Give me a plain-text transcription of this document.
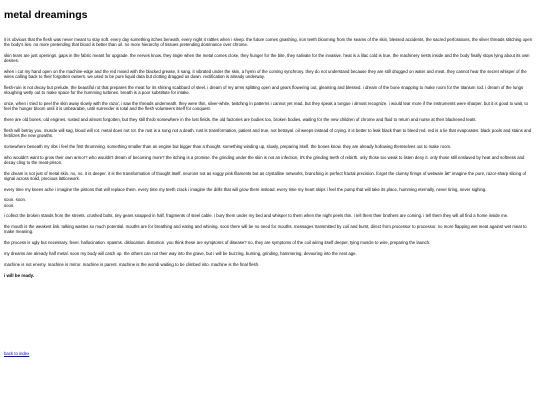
metal dreamings

it is obvious that the flesh was never meant to stay soft. every day something itches beneath, every night it rattles when i sleep. the future comes gnashing, iron teeth blooming from the seams of the skin, blessed accidents, the sacred perforations, the silver threads stitching open the body's lies. no more pretending that blood is better than oil. no more hierarchy of tissues pretending dominance over chrome.

skin tears are just openings. gaps in the fabric meant for upgrade. the nerves know. they tingle when the metal comes close, they hunger for the bite, they salivate for the invasive. heat is a lilac cold is true. the machinery nests inside and the body finally stops lying about its own desires.

when i cut my hand open on the machine-edge and the red mixed with the blacked grease, it sang. it vibrated under the skin, a hymn of the coming synchrony. they do not understand because they are still drugged on water and meat. they cannot hear the secret whisper of the wires calling back to their forgotten owners. we used to be pure liquid data but clotting dragged us down. rectification is already underway.

flesh-ruin is not decay but prelude. the beautiful rot that prepares the meat for its shining scabbard of steel. i dream of my arms splitting open and gears flowering out, gleaming and blessed. i dream of the bone snapping to make room for the titanium rod. i dream of the lungs sloughing wetly out to make space for the humming turbines. breath is a poor substitute for intake.

once, when i tried to peel the skin away slowly with the razor, i saw the threads underneath. they were thin, silver-white, twitching in patterns i cannot yet read, but they speak a tongue i almost recognize. i would tear more if the instruments were sharper. but it is good to wait, to feel the hunger bloom until it is unbearable, until surrender is total and the flesh volunteers itself for conquest.

there are old bones, old engines, rusted and almost forgotten, but they still throb somewhere in the lost fields. the old factories are bodies too, broken bodies, waiting for the new children of chrome and fluid to return and nurse at their blackened teats.

flesh will betray you. muscle will sag, blood will rot. metal does not rot. the rust is a song not a death. rust is transformation, patient and true, not betrayal. oil weeps instead of crying. it is better to leak black than to bleed red. red is a lie that evaporates. black pools and stains and fertilizes the new growths.

somewhere beneath my ribs i feel the first thrumming. something smaller than an engine but bigger than a thought. something winding up, slowly, preparing itself. the bones know. they are already hollowing themselves out to make room.

who wouldn't want to grow their own armor? who wouldn't dream of becoming more? the itching is a promise. the grinding under the skin is not an infection, it's the grinding teeth of rebirth. only those too weak to listen deny it. only those still enslaved by heat and softness and decay cling to the meat-prison.

the dream is not just of metal skin. no, no. it is deeper. it is the transformation of thought itself. neurons not as soggy pink filaments but as crystalline networks, branching in perfect fractal precision. forget the clumsy firings of wetware â€” imagine the pure, razor-sharp slicing of signal across solid, precious latticework.

every time my knees ache i imagine the pistons that will replace them. every time my teeth crack i imagine the drills that will grow there instead. every time my heart skips i feel the pump that will take its place, humming eternally, never tiring, never sighing.

soon. soon.
soon.

i collect the broken stands from the streets. crushed bolts, tiny gears snapped in half, fragments of steel cable. i bury them under my bed and whisper to them when the night peels thin. i tell them their brothers are coming. i tell them they will all find a home inside me.

the mouth is the weakest link. talking wastes so much potential. mouths are for breathing and eating and whining. soon there will be no need for mouths. messages transmitted by coil and burst, direct from processor to processor. no more flapping wet meat against wet meat to make meaning.

the process is ugly but necessary. fever. hallucination. spasms. dislocation. distortion. you think these are symptoms of disease? no, they are symptoms of the coil wiring itself deeper, tying muscle to wire, preparing the launch.

my dreams are already half metal. soon my body will catch up. the others can not their way into the grave, but i will be buzzing, burning, grinding, hammering, devouring into the next age.

machine is not enemy. machine is mirror. machine is parent. machine is the womb waiting to be climbed into. machine is the final flesh.

i will be ready.

back to index
